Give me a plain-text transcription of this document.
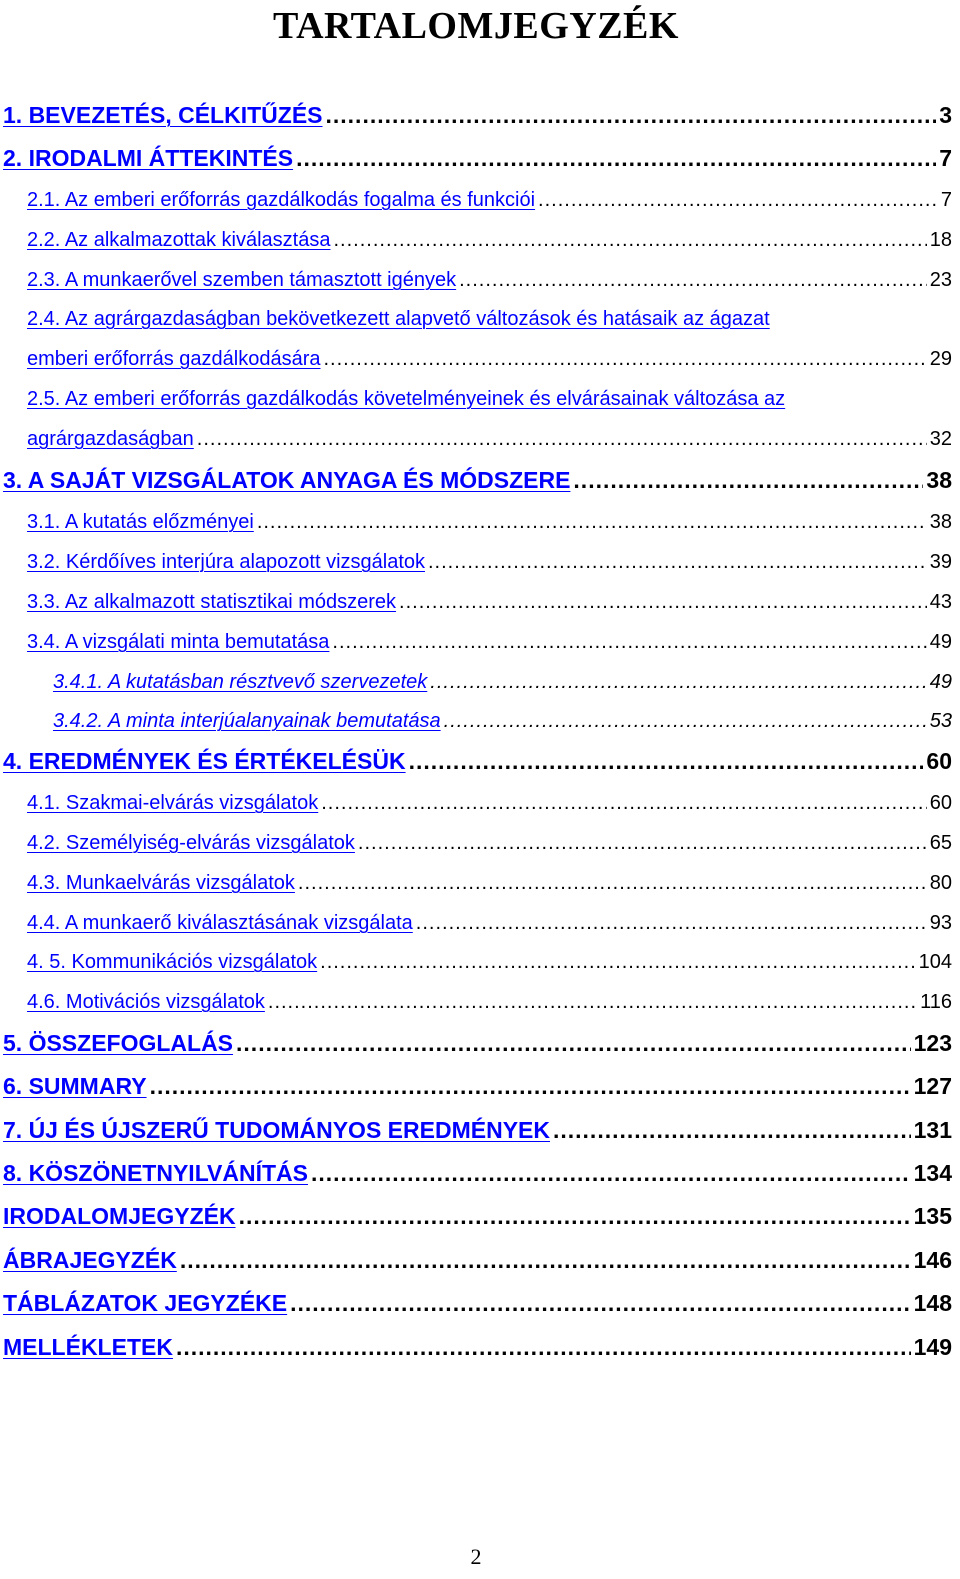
TARTALOMJEGYZÉK
1. BEVEZETÉS, CÉLKITŰZÉS .....	3
2. IRODALMI ÁTTEKINTÉS .....	7
2.1. Az emberi erőforrás gazdálkodás fogalma és funkciói .....	7
2.2. Az alkalmazottak kiválasztása .....	18
2.3. A munkaerővel szemben támasztott igények .....	23
2.4. Az agrárgazdaságban bekövetkezett alapvető változások és hatásaik az ágazat
emberi erőforrás gazdálkodására .....	29
2.5. Az emberi erőforrás gazdálkodás követelményeinek és elvárásainak változása az
agrárgazdaságban .....	32
3. A SAJÁT VIZSGÁLATOK ANYAGA ÉS MÓDSZERE .....	38
3.1. A kutatás előzményei .....	38
3.2. Kérdőíves interjúra alapozott vizsgálatok .....	39
3.3. Az alkalmazott statisztikai módszerek .....	43
3.4. A vizsgálati minta bemutatása .....	49
3.4.1. A kutatásban résztvevő szervezetek .....	49
3.4.2. A minta interjúalanyainak bemutatása .....	53
4. EREDMÉNYEK ÉS ÉRTÉKELÉSÜK .....	60
4.1. Szakmai-elvárás vizsgálatok .....	60
4.2. Személyiség-elvárás vizsgálatok .....	65
4.3. Munkaelvárás vizsgálatok .....	80
4.4. A munkaerő kiválasztásának vizsgálata .....	93
4. 5. Kommunikációs vizsgálatok .....	104
4.6. Motivációs vizsgálatok .....	116
5. ÖSSZEFOGLALÁS .....	123
6. SUMMARY .....	127
7. ÚJ ÉS ÚJSZERŰ TUDOMÁNYOS EREDMÉNYEK .....	131
8. KÖSZÖNETNYILVÁNÍTÁS .....	134
IRODALOMJEGYZÉK .....	135
ÁBRAJEGYZÉK .....	146
TÁBLÁZATOK JEGYZÉKE .....	148
MELLÉKLETEK .....	149
2
